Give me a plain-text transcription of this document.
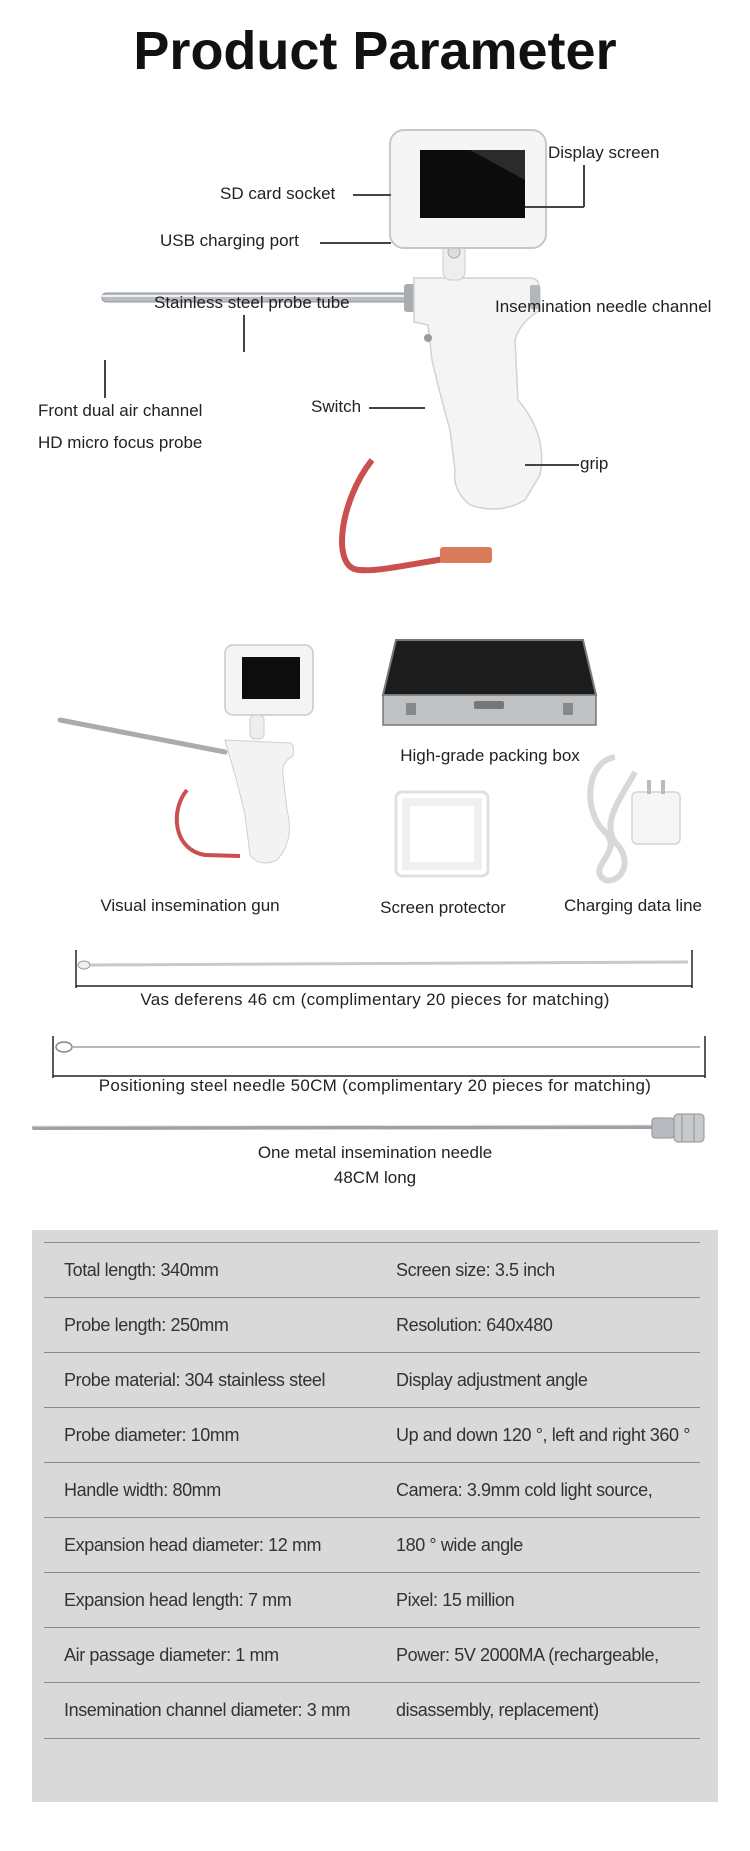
Product Parameter
Display screen
SD card socket
USB charging port
Stainless steel probe tube	Insemination needle channel
Front dual air channel
HD micro focus probe
Switch
grip
Visual insemination gun
High-grade packing box
Screen protector	Charging data line
Vas deferens 46 cm (complimentary 20 pieces for matching)
Positioning steel needle 50CM (complimentary 20 pieces for matching)
One metal insemination needle
48CM long
Total length: 340mm	Screen size: 3.5 inch
Probe length: 250mm	Resolution: 640x480
Probe material: 304 stainless steel	Display adjustment angle
Probe diameter: 10mm	Up and down 120 °, left and right 360 °
Handle width: 80mm	Camera: 3.9mm cold light source,
Expansion head diameter: 12 mm	180 ° wide angle
Expansion head length: 7 mm	Pixel: 15 million
Air passage diameter: 1 mm	Power: 5V 2000MA (rechargeable,
Insemination channel diameter: 3 mm	disassembly, replacement)
